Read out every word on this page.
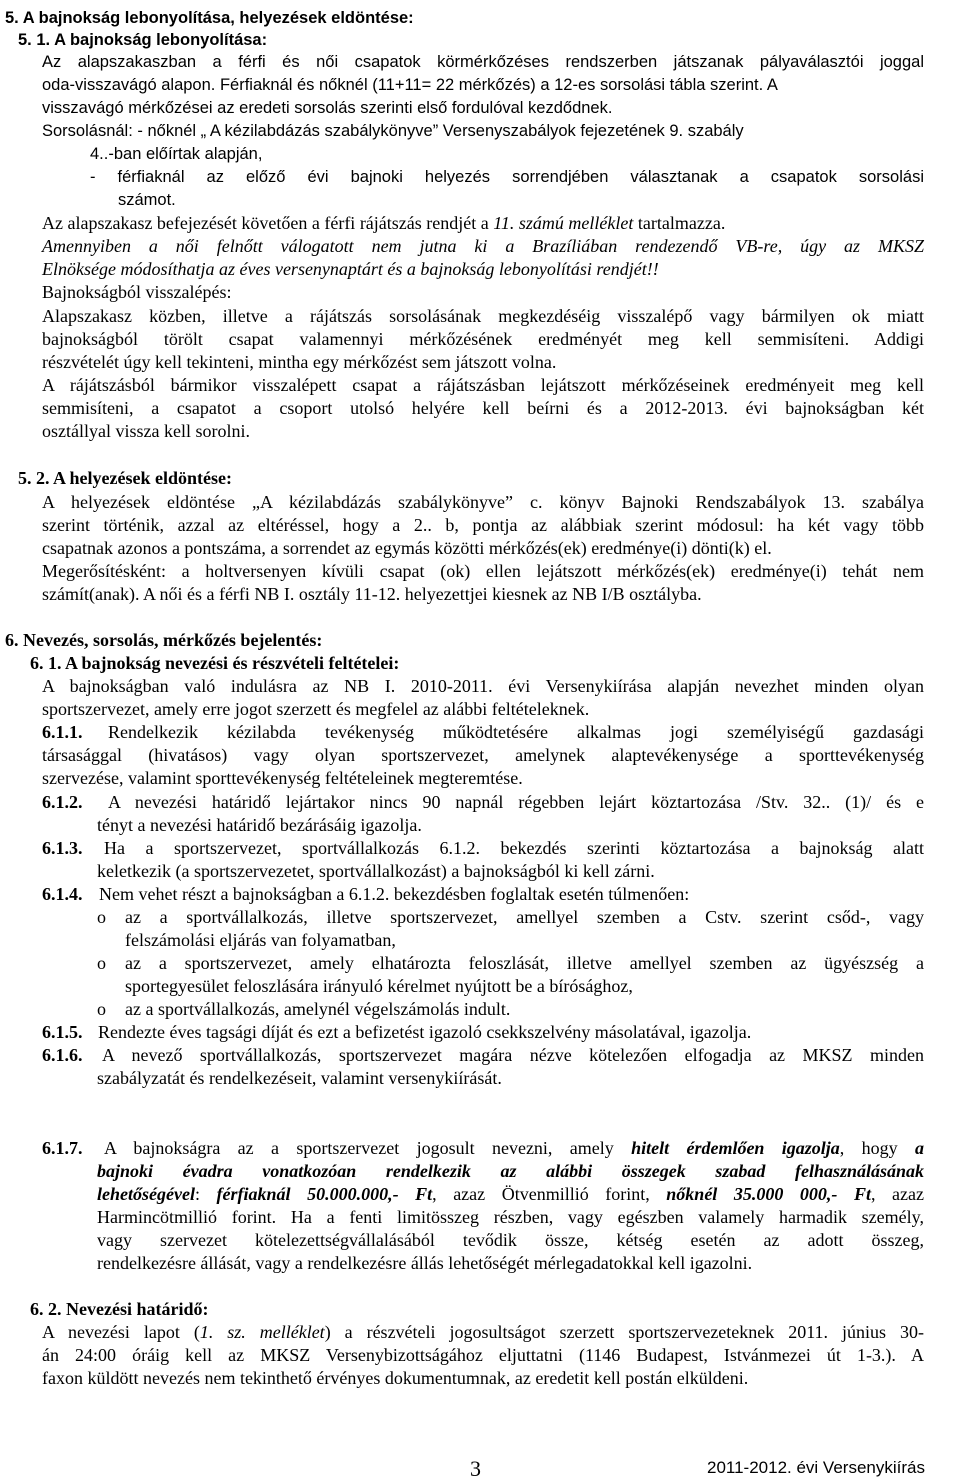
5. A bajnokság lebonyolítása, helyezések eldöntése:
5. 1. A bajnokság lebonyolítása:
Az alapszakaszban a férfi és női csapatok körmérkőzéses rendszerben játszanak pályaválasztói joggal
oda-visszavágó alapon. Férfiaknál és nőknél (11+11= 22 mérkőzés) a 12-es sorsolási tábla szerint. A
visszavágó mérkőzései az eredeti sorsolás szerinti első fordulóval kezdődnek.
Sorsolásnál: - nőknél „ A kézilabdázás szabálykönyve” Versenyszabályok fejezetének 9. szabály
4..-ban előírtak alapján,
- férfiaknál az előző évi bajnoki helyezés sorrendjében választanak a csapatok sorsolási
számot.
Az alapszakasz befejezését követően a férfi rájátszás rendjét a 11. számú melléklet tartalmazza.
Amennyiben a női felnőtt válogatott nem jutna ki a Brazíliában rendezendő VB-re, úgy az MKSZ
Elnöksége módosíthatja az éves versenynaptárt és a bajnokság lebonyolítási rendjét!!
Bajnokságból visszalépés:
Alapszakasz közben, illetve a rájátszás sorsolásának megkezdéséig visszalépő vagy bármilyen ok miatt
bajnokságból törölt csapat valamennyi mérkőzésének eredményét meg kell semmisíteni. Addigi
részvételét úgy kell tekinteni, mintha egy mérkőzést sem játszott volna.
A rájátszásból bármikor visszalépett csapat a rájátszásban lejátszott mérkőzéseinek eredményeit meg kell
semmisíteni, a csapatot a csoport utolsó helyére kell beírni és a 2012-2013. évi bajnokságban két
osztállyal vissza kell sorolni.
5. 2. A helyezések eldöntése:
A helyezések eldöntése „A kézilabdázás szabálykönyve” c. könyv Bajnoki Rendszabályok 13. szabálya
szerint történik, azzal az eltéréssel, hogy a 2.. b, pontja az alábbiak szerint módosul: ha két vagy több
csapatnak azonos a pontszáma, a sorrendet az egymás közötti mérkőzés(ek) eredménye(i) dönti(k) el.
Megerősítésként: a holtversenyen kívüli csapat (ok) ellen lejátszott mérkőzés(ek) eredménye(i) tehát nem
számít(anak). A női és a férfi NB I. osztály 11-12. helyezettjei kiesnek az NB I/B osztályba.
6. Nevezés, sorsolás, mérkőzés bejelentés:
6. 1. A bajnokság nevezési és részvételi feltételei:
A bajnokságban való indulásra az NB I. 2010-2011. évi Versenykiírása alapján nevezhet minden olyan
sportszervezet, amely erre jogot szerzett és megfelel az alábbi feltételeknek.
6.1.1. Rendelkezik kézilabda tevékenység működtetésére alkalmas jogi személyiségű gazdasági
társasággal (hivatásos) vagy olyan sportszervezet, amelynek alaptevékenysége a sporttevékenység
szervezése, valamint sporttevékenység feltételeinek megteremtése.
6.1.2. A nevezési határidő lejártakor nincs 90 napnál régebben lejárt köztartozása /Stv. 32.. (1)/ és e
tényt a nevezési határidő bezárásáig igazolja.
6.1.3. Ha a sportszervezet, sportvállalkozás 6.1.2. bekezdés szerinti köztartozása a bajnokság alatt
keletkezik (a sportszervezetet, sportvállalkozást) a bajnokságból ki kell zárni.
6.1.4. Nem vehet részt a bajnokságban a 6.1.2. bekezdésben foglaltak esetén túlmenően:
o az a sportvállalkozás, illetve sportszervezet, amellyel szemben a Cstv. szerint csőd-, vagy
felszámolási eljárás van folyamatban,
o az a sportszervezet, amely elhatározta feloszlását, illetve amellyel szemben az ügyészség a
sportegyesület feloszlására irányuló kérelmet nyújtott be a bírósághoz,
o az a sportvállalkozás, amelynél végelszámolás indult.
6.1.5. Rendezte éves tagsági díját és ezt a befizetést igazoló csekkszelvény másolatával, igazolja.
6.1.6. A nevező sportvállalkozás, sportszervezet magára nézve kötelezően elfogadja az MKSZ minden
szabályzatát és rendelkezéseit, valamint versenykiírását.
6.1.7. A bajnokságra az a sportszervezet jogosult nevezni, amely hitelt érdemlően igazolja, hogy a
bajnoki évadra vonatkozóan rendelkezik az alábbi összegek szabad felhasználásának
lehetőségével: férfiaknál 50.000.000,- Ft, azaz Ötvenmillió forint, nőknél 35.000 000,- Ft, azaz
Harmincötmillió forint. Ha a fenti limitösszeg részben, vagy egészben valamely harmadik személy,
vagy szervezet kötelezettségvállalásából tevődik össze, kétség esetén az adott összeg,
rendelkezésre állását, vagy a rendelkezésre állás lehetőségét mérlegadatokkal kell igazolni.
6. 2. Nevezési határidő:
A nevezési lapot (1. sz. melléklet) a részvételi jogosultságot szerzett sportszervezeteknek 2011. június 30-
án 24:00 óráig kell az MKSZ Versenybizottságához eljuttatni (1146 Budapest, Istvánmezei út 1-3.). A
faxon küldött nevezés nem tekinthető érvényes dokumentumnak, az eredetit kell postán elküldeni.
3	2011-2012. évi Versenykiírás
